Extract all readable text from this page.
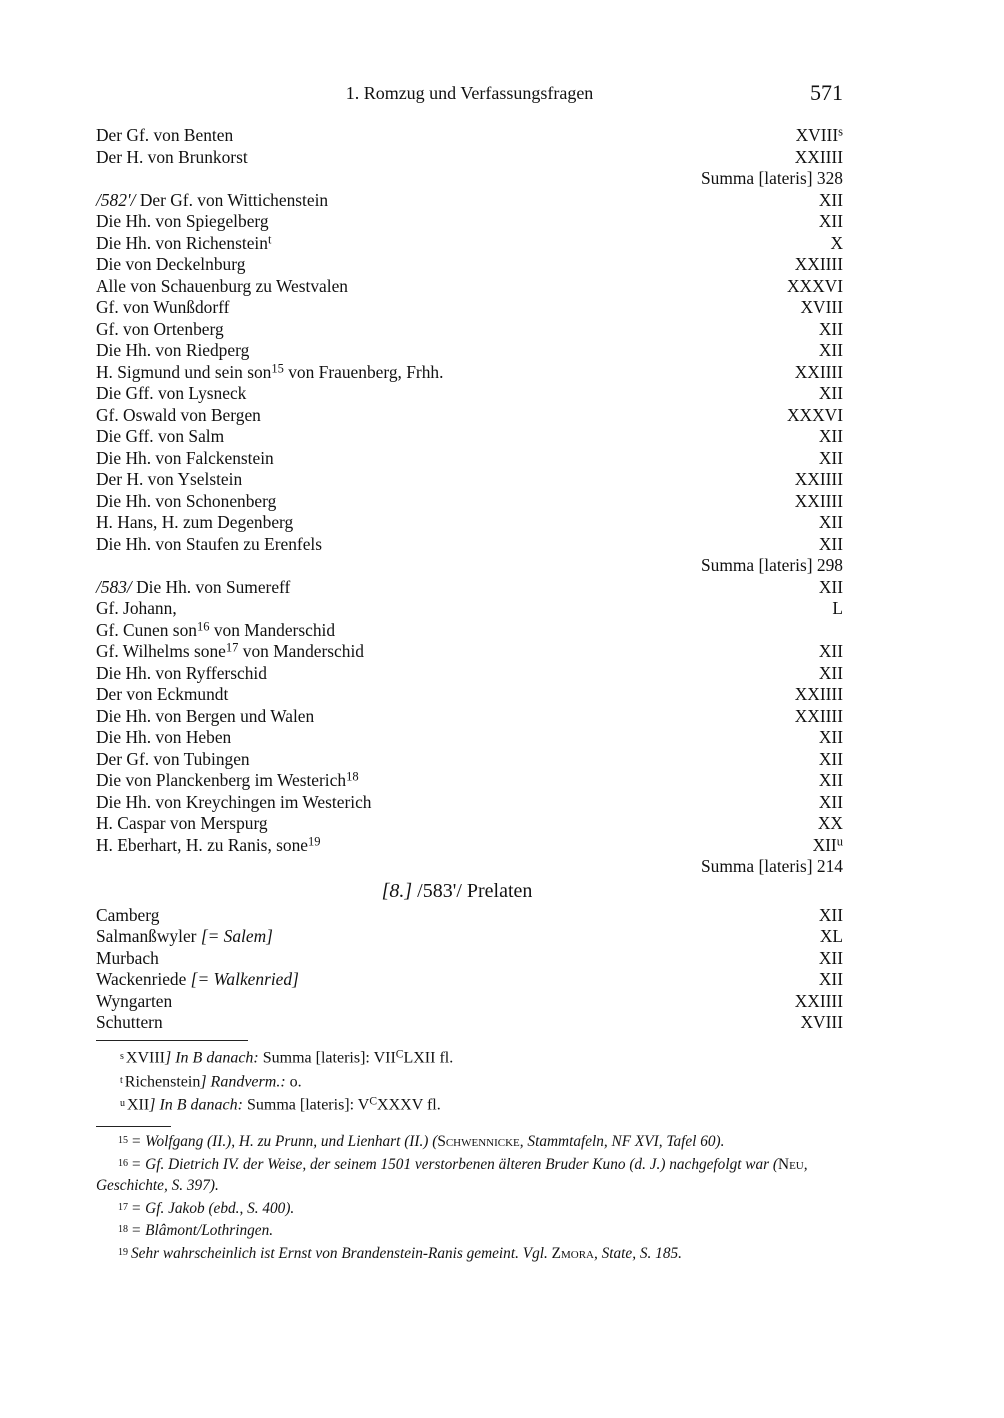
1. Romzug und Verfassungsfragen	571
Der Gf. von Benten	XVIII$^s$
Der H. von Brunkorst	XXIIII
Summa [lateris] 328
/582'/ Der Gf. von Wittichenstein	XII
Die Hh. von Spiegelberg	XII
Die Hh. von Richenstein$^t$	X
Die von Deckelnburg	XXIIII
Alle von Schauenburg zu Westvalen	XXXVI
Gf. von Wunßdorff	XVIII
Gf. von Ortenberg	XII
Die Hh. von Riedperg	XII
H. Sigmund und sein son$^{15}$ von Frauenberg, Frhh.	XXIIII
Die Gff. von Lysneck	XII
Gf. Oswald von Bergen	XXXVI
Die Gff. von Salm	XII
Die Hh. von Falckenstein	XII
Der H. von Yselstein	XXIIII
Die Hh. von Schonenberg	XXIIII
H. Hans, H. zum Degenberg	XII
Die Hh. von Staufen zu Erenfels	XII
Summa [lateris] 298
/583/ Die Hh. von Sumereff	XII
Gf. Johann,	L
Gf. Cunen son$^{16}$ von Manderschid
Gf. Wilhelms sone$^{17}$ von Manderschid	XII
Die Hh. von Ryfferschid	XII
Der von Eckmundt	XXIIII
Die Hh. von Bergen und Walen	XXIIII
Die Hh. von Heben	XII
Der Gf. von Tubingen	XII
Die von Planckenberg im Westerich$^{18}$	XII
Die Hh. von Kreychingen im Westerich	XII
H. Caspar von Merspurg	XX
H. Eberhart, H. zu Ranis, sone$^{19}$	XII$^u$
Summa [lateris] 214
[8.] /583'/ Prelaten
Camberg	XII
Salmanßwyler [= Salem]	XL
Murbach	XII
Wackenriede [= Walkenried]	XII
Wyngarten	XXIIII
Schuttern	XVIII
$^s$ XVIII] In B danach: Summa [lateris]: $VII^CLXII$ fl.
$^t$ Richenstein] Randverm.: o.
$^u$ XII] In B danach: Summa [lateris]: $V^CXXXV$ fl.
15 = Wolfgang (II.), H. zu Prunn, und Lienhart (II.) (Schwennicke, Stammtafeln, NF XVI, Tafel 60).
16 = Gf. Dietrich IV. der Weise, der seinem 1501 verstorbenen älteren Bruder Kuno (d. J.) nachgefolgt war (Neu, Geschichte, S. 397).
17 = Gf. Jakob (ebd., S. 400).
18 = Blâmont/Lothringen.
19 Sehr wahrscheinlich ist Ernst von Brandenstein-Ranis gemeint. Vgl. Zmora, State, S. 185.
